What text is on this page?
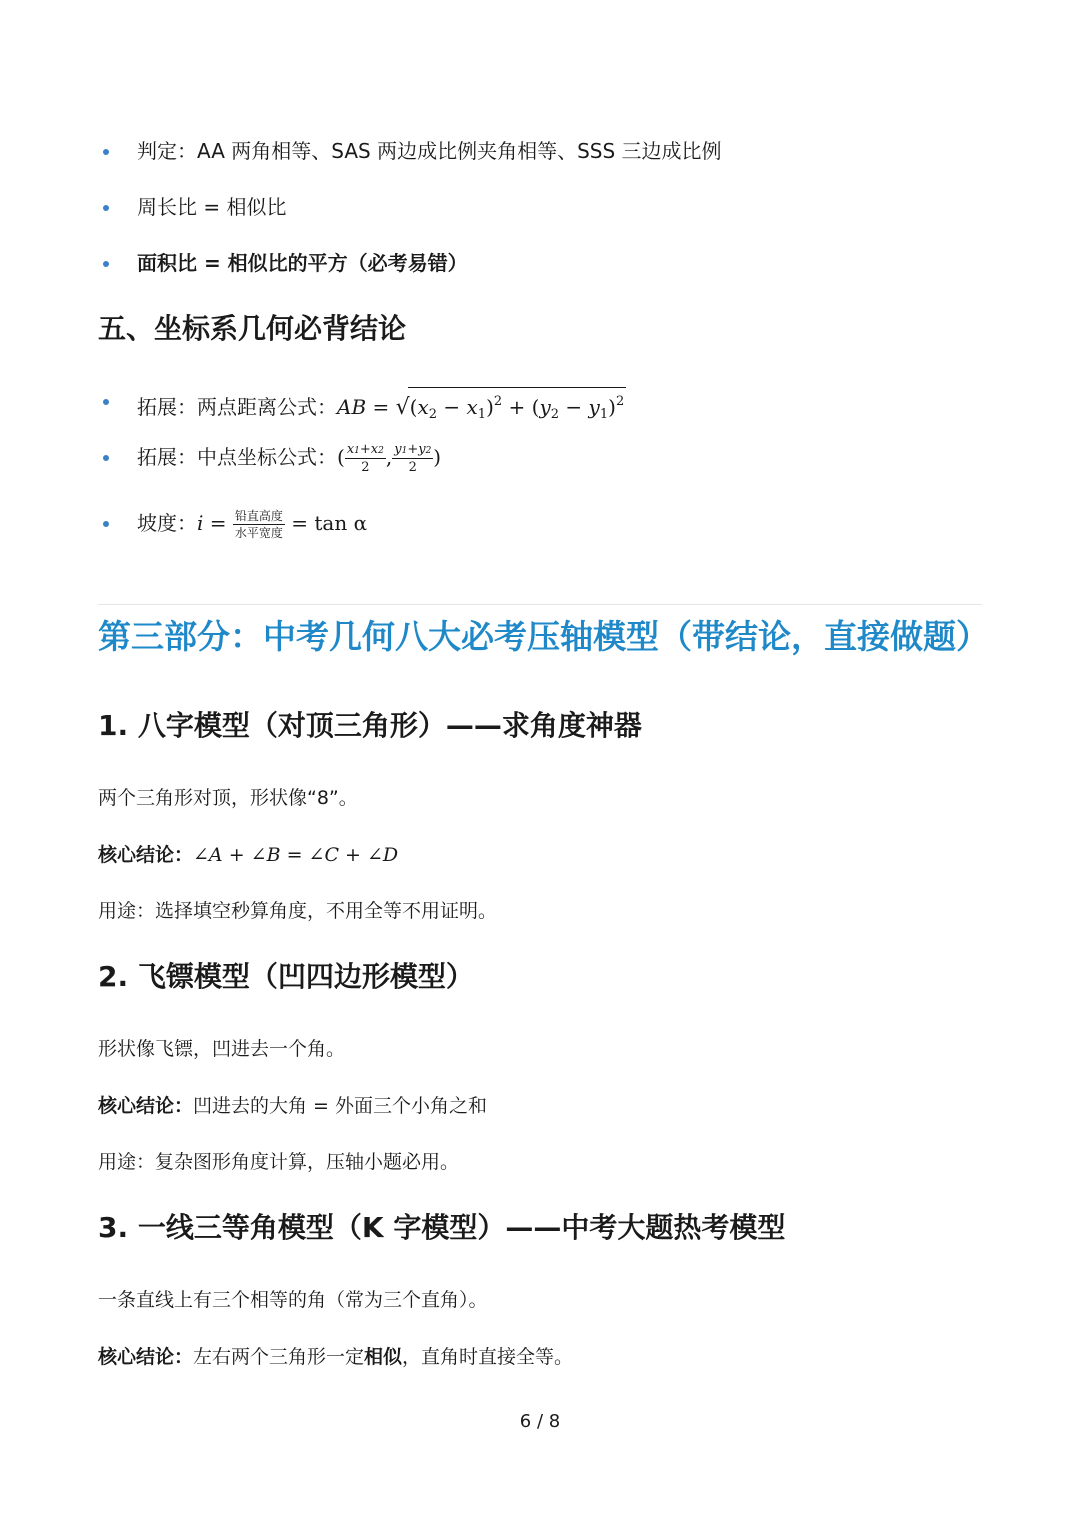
判定：AA 两角相等、SAS 两边成比例夹角相等、SSS 三边成比例
周长比 = 相似比
面积比 = 相似比的平方（必考易错）
五、坐标系几何必背结论
拓展：两点距离公式：AB = $√(x_2 - x_1)^2 + (y_2 - y_1)^2$
拓展：中点坐标公式：( $\frac{x1+x2}{2}$ , $\frac{y1+y2}{2}$ )
坡度：$i = \frac{\text{铅直高度}}{\text{水平宽度}} = \tan \alpha$
第三部分：中考几何八大必考压轴模型（带结论，直接做题）
1. 八字模型（对顶三角形）——求角度神器
两个三角形对顶，形状像“8”。
核心结论：∠A + ∠B = ∠C + ∠D
用途：选择填空秒算角度，不用全等不用证明。
2. 飞镖模型（凹四边形模型）
形状像飞镖，凹进去一个角。
核心结论：凹进去的大角 = 外面三个小角之和
用途：复杂图形角度计算，压轴小题必用。
3. 一线三等角模型（K 字模型）——中考大题热考模型
一条直线上有三个相等的角（常为三个直角）。
核心结论：左右两个三角形一定相似，直角时直接全等。
6 / 8
